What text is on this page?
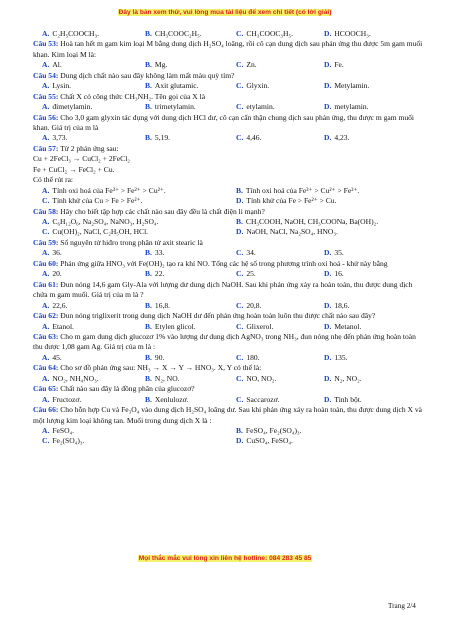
Đây là bản xem thử, vui lòng mua tài liệu để xem chi tiết (có lời giải)
A. C₂H₅COOCH₃.	B. CH₃COOC₂H₅.	C. CH₃COOC₃H₅.	D. HCOOCH₃.

Câu 53: Hoà tan hết m gam kim loại M bằng dung dịch H₂SO₄ loãng, rồi cô cạn dung dịch sau phản ứng thu được 5m gam muối khan. Kim loại M là:

A. Al.	B. Mg.	C. Zn.	D. Fe.

Câu 54: Dung dịch chất nào sau đây không làm mất màu quỳ tím?

A. Lysin.	B. Axit glutamic.	C. Glyxin.	D. Metylamin.

Câu 55: Chất X có công thức CH₃NH₂. Tên gọi của X là

A. đimetylamin.	B. trimetylamin.	C. etylamin.	D. metylamin.

Câu 56: Cho 3,0 gam glyxin tác dụng với dung dịch HCl dư, cô cạn cẩn thận chung dịch sau phản ứng, thu được m gam muối khan. Giá trị của m là

A. 3,73.	B. 5,19.	C. 4,46.	D. 4,23.

Câu 57: Từ 2 phản ứng sau:

Cu + 2FeCl₃ → CuCl₂ + 2FeCl₂

Fe + CuCl₂ → FeCl₂ + Cu.

Có thể rút ra:

A. Tính oxi hoá của Fe³⁺ > Fe²⁺ > Cu²⁺.	B. Tính oxi hoá của Fe³⁺ > Cu²⁺ > Fe²⁺.
C. Tính khử của Cu > Fe > Fe²⁺.	D. Tính khử của Fe > Fe²⁺ > Cu.

Câu 58: Hãy cho biết tập hợp các chất nào sau đây đều là chất điện li mạnh?

A. C₆H₁₂O₆, Na₂SO₄, NaNO₃, H₂SO₄.	B. CH₃COOH, NaOH, CH₃COONa, Ba(OH)₂.
C. Cu(OH)₂, NaCl, C₂H₅OH, HCl.	D. NaOH, NaCl, Na₂SO₄, HNO₃.

Câu 59: Số nguyên tử hiđro trong phân tử axit stearic là

A. 36.	B. 33.	C. 34.	D. 35.

Câu 60: Phản ứng giữa HNO₃ với Fe(OH)₂ tạo ra khí NO. Tổng các hệ số trong phương trình oxi hoá - khử này bằng

A. 20.	B. 22.	C. 25.	D. 16.

Câu 61: Đun nóng 14,6 gam Gly-Ala với lượng dư dung dịch NaOH. Sau khi phản ứng xảy ra hoàn toàn, thu được dung dịch chứa m gam muối. Giá trị của m là ?

A. 22,6.	B. 16,8.	C. 20,8.	D. 18,6.

Câu 62: Đun nóng triglixerit trong dung dịch NaOH dư đến phản ứng hoàn toàn luôn thu được chất nào sau đây?

A. Etanol.	B. Etylen glicol.	C. Glixerol.	D. Metanol.

Câu 63: Cho m gam dung dịch glucozơ 1% vào lượng dư dung dịch AgNO₃ trong NH₃, đun nóng nhẹ đến phản ứng hoàn toàn thu được 1,08 gam Ag. Giá trị của m là :

A. 45.	B. 90.	C. 180.	D. 135.

Câu 64: Cho sơ đồ phản ứng sau: NH₃ → X → Y → HNO₃. X, Y có thể là:

A. NO₂, NH₄NO₃.	B. N₂, NO.	C. NO, NO₂.	D. N₂, NO₂.

Câu 65: Chất nào sau đây là đồng phân của glucozơ?

A. Fructozơ.	B. Xenlulozơ.	C. Saccarozơ.	D. Tinh bột.

Câu 66: Cho hỗn hợp Cu và Fe₃O₄ vào dung dịch H₂SO₄ loãng dư. Sau khi phản ứng xảy ra hoàn toàn, thu được dung dịch X và một lượng kim loại không tan. Muối trong dung dịch X là :

A. FeSO₄.	B. FeSO₄, Fe₂(SO₄)₃.
C. Fe₂(SO₄)₃.	D. CuSO₄, FeSO₄.
Mọi thắc mắc vui lòng xin liên hệ hotline: 084 283 45 85
Trang 2/4
